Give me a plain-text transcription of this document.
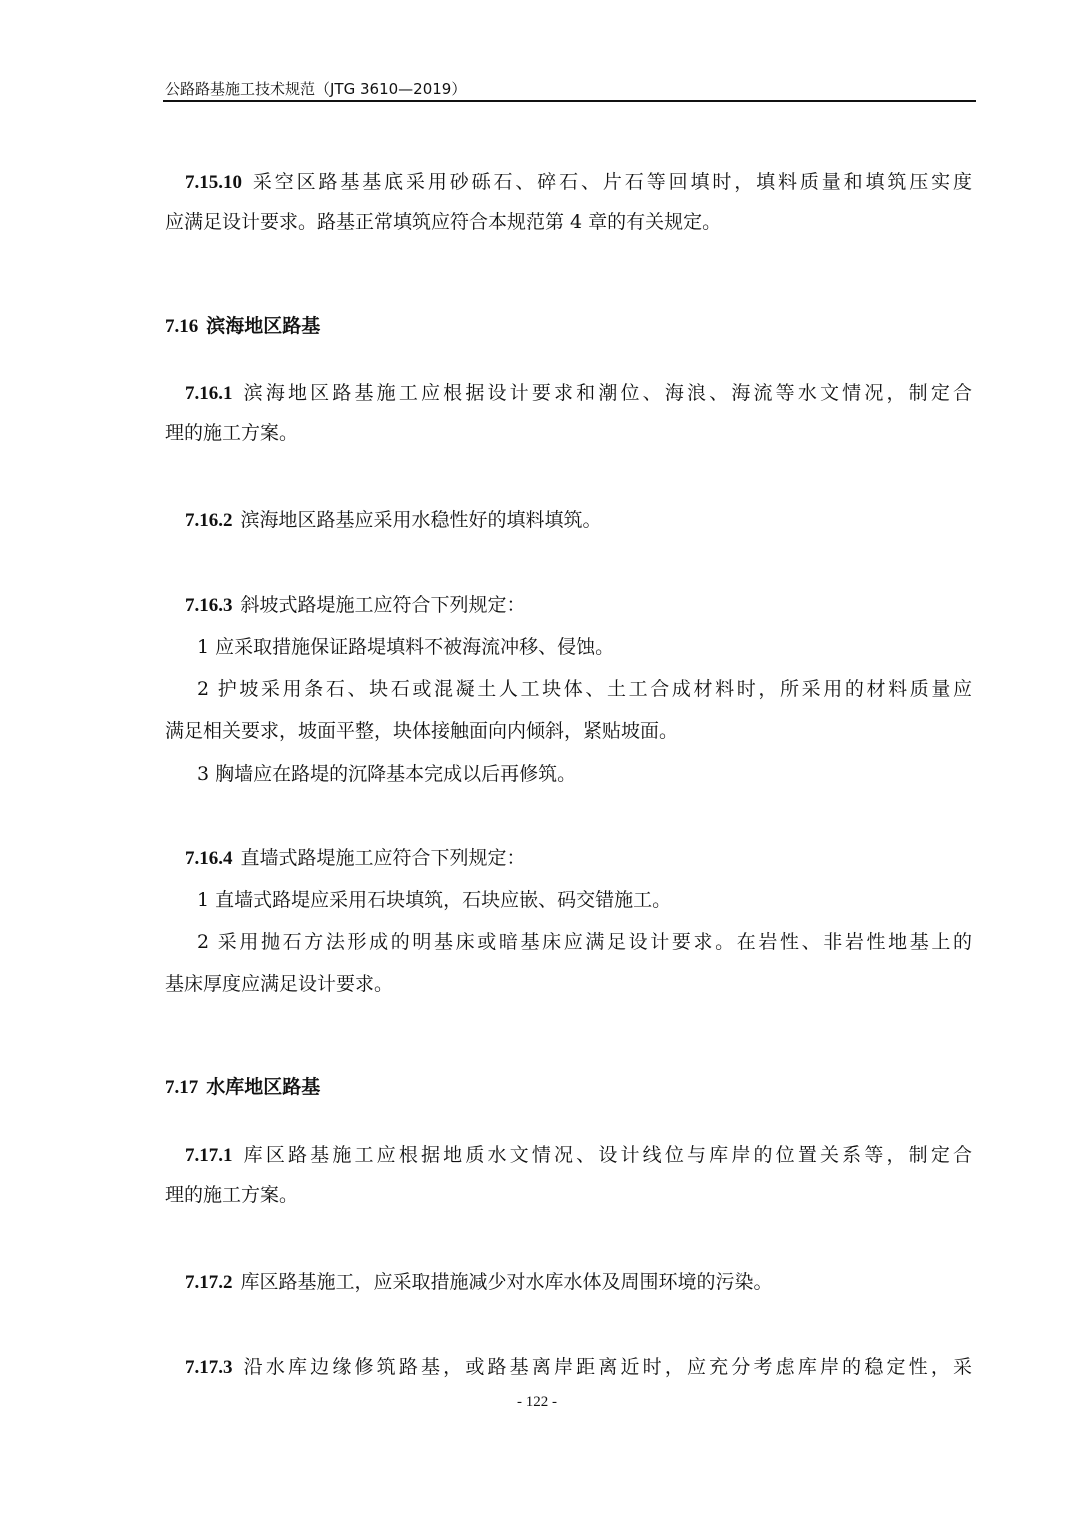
公路路基施工技术规范（JTG 3610—2019）
7.15.10 采空区路基基底采用砂砾石、碎石、片石等回填时，填料质量和填筑压实度
应满足设计要求。路基正常填筑应符合本规范第 4 章的有关规定。
7.16 滨海地区路基
7.16.1 滨海地区路基施工应根据设计要求和潮位、海浪、海流等水文情况，制定合
理的施工方案。
7.16.2 滨海地区路基应采用水稳性好的填料填筑。
7.16.3 斜坡式路堤施工应符合下列规定：
1 应采取措施保证路堤填料不被海流冲移、侵蚀。
2 护坡采用条石、块石或混凝土人工块体、土工合成材料时，所采用的材料质量应
满足相关要求，坡面平整，块体接触面向内倾斜，紧贴坡面。
3 胸墙应在路堤的沉降基本完成以后再修筑。
7.16.4 直墙式路堤施工应符合下列规定：
1 直墙式路堤应采用石块填筑，石块应嵌、码交错施工。
2 采用抛石方法形成的明基床或暗基床应满足设计要求。在岩性、非岩性地基上的
基床厚度应满足设计要求。
7.17 水库地区路基
7.17.1 库区路基施工应根据地质水文情况、设计线位与库岸的位置关系等，制定合
理的施工方案。
7.17.2 库区路基施工，应采取措施减少对水库水体及周围环境的污染。
7.17.3 沿水库边缘修筑路基，或路基离岸距离近时，应充分考虑库岸的稳定性，采
- 122 -
